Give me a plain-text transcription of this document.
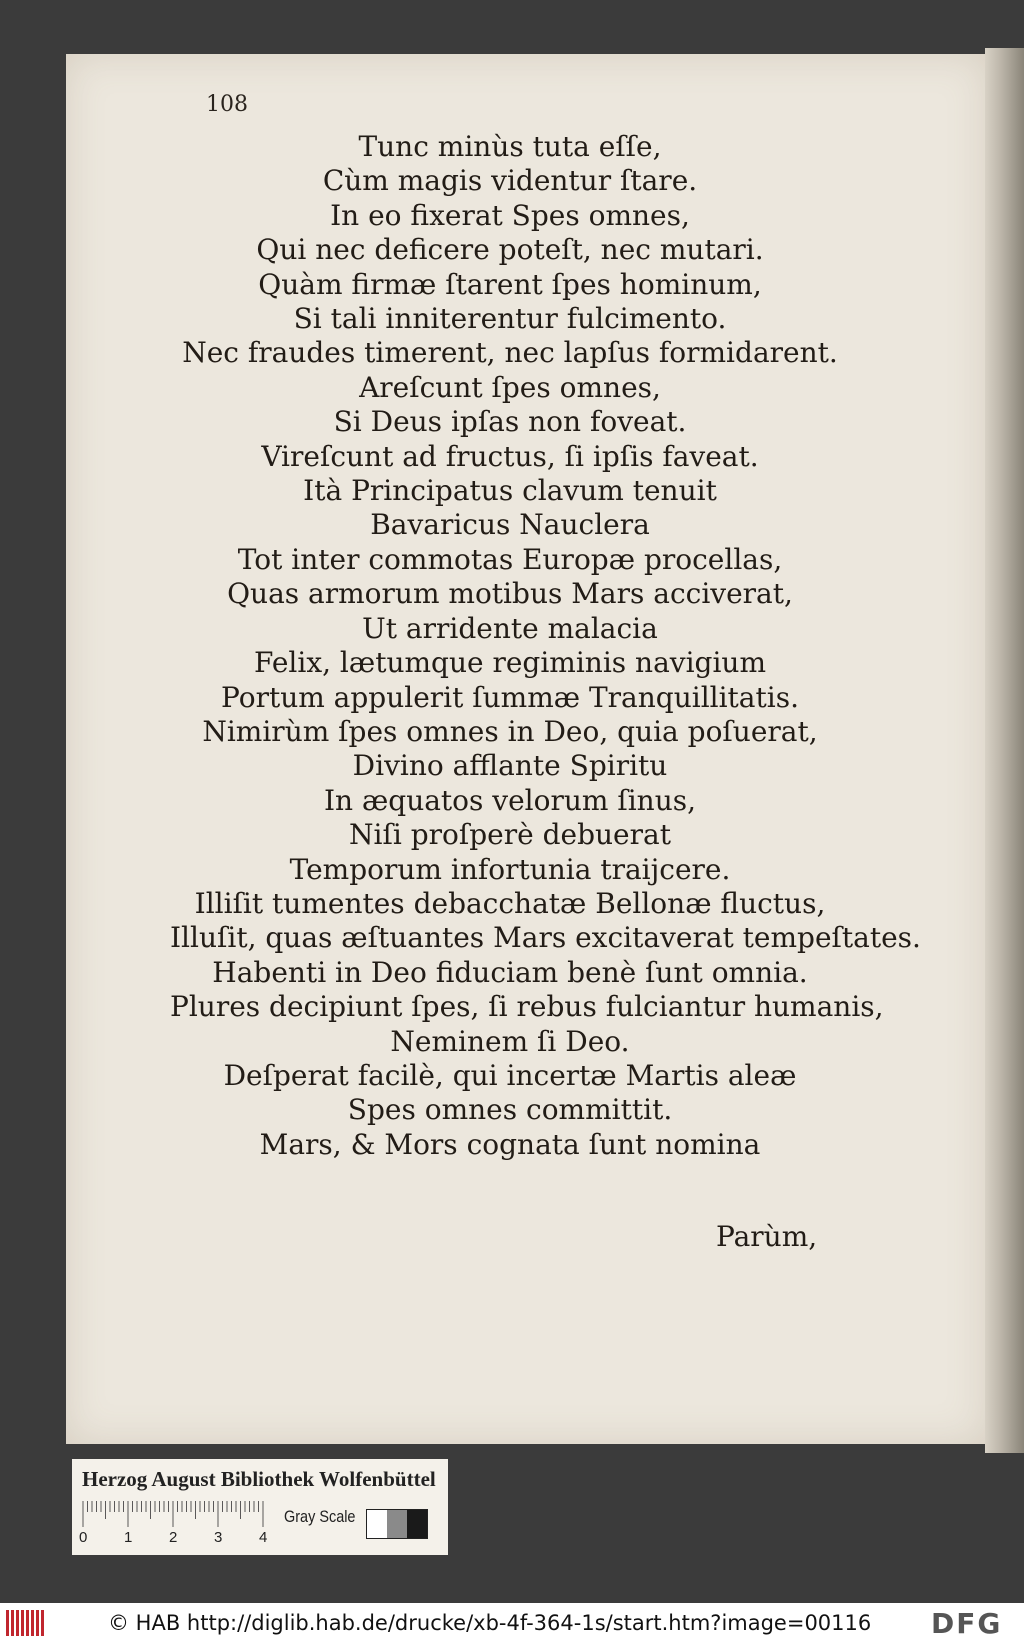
108
Tunc minùs tuta eſſe,
Cùm magis videntur ſtare.
In eo fixerat Spes omnes,
Qui nec deficere poteſt, nec mutari.
Quàm firmæ ſtarent ſpes hominum,
Si tali inniterentur fulcimento.
Nec fraudes timerent, nec lapſus formidarent.
Areſcunt ſpes omnes,
Si Deus ipſas non foveat.
Vireſcunt ad fructus, ſi ipſis faveat.
Ità Principatus clavum tenuit
Bavaricus Nauclera
Tot inter commotas Europæ procellas,
Quas armorum motibus Mars acciverat,
Ut arridente malacia
Felix, lætumque regiminis navigium
Portum appulerit ſummæ Tranquillitatis.
Nimirùm ſpes omnes in Deo, quia poſuerat,
Divino afflante Spiritu
In æquatos velorum ſinus,
Niſi proſperè debuerat
Temporum infortunia traijcere.
Illiſit tumentes debacchatæ Bellonæ fluctus,
Illuſit, quas æſtuantes Mars excitaverat tempeſtates.
Habenti in Deo fiduciam benè ſunt omnia.
Plures decipiunt ſpes, ſi rebus fulciantur humanis,
Neminem ſi Deo.
Deſperat facilè, qui incertæ Martis aleæ
Spes omnes committit.
Mars, & Mors cognata ſunt nomina
Parùm,
Herzog August Bibliothek Wolfenbüttel
0 1 2 3 4
Gray Scale
© HAB http://diglib.hab.de/drucke/xb-4f-364-1s/start.htm?image=00116 DFG
